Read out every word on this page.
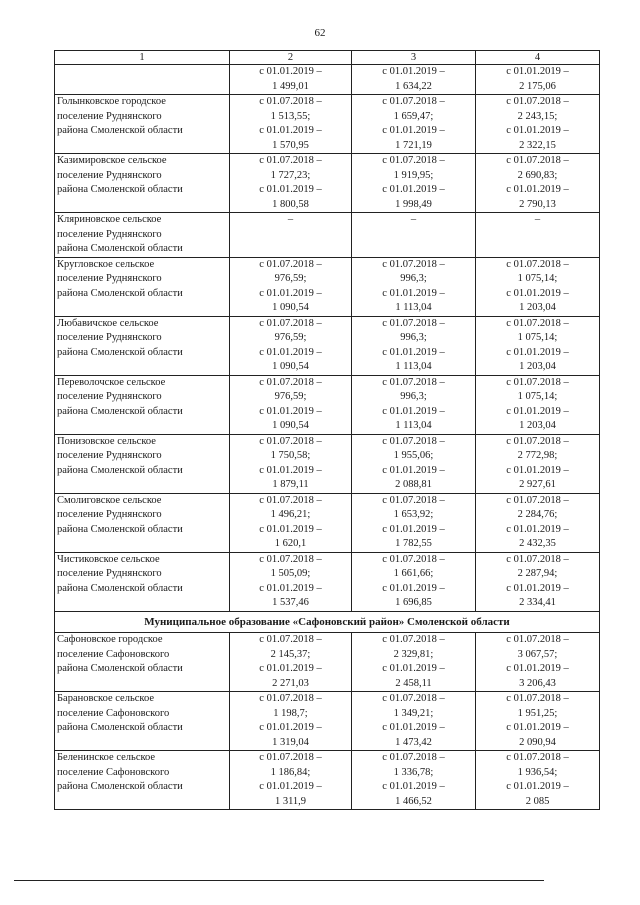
62
1	2	3	4

	с 01.01.2019 –
1 499,01	с 01.01.2019 –
1 634,22	с 01.01.2019 –
2 175,06

Голынковское городское
поселение Руднянского
района Смоленской области	с 01.07.2018 –
1 513,55;
с 01.01.2019 –
1 570,95	с 01.07.2018 –
1 659,47;
с 01.01.2019 –
1 721,19	с 01.07.2018 –
2 243,15;
с 01.01.2019 –
2 322,15

Казимировское сельское
поселение Руднянского
района Смоленской области	с 01.07.2018 –
1 727,23;
с 01.01.2019 –
1 800,58	с 01.07.2018 –
1 919,95;
с 01.01.2019 –
1 998,49	с 01.07.2018 –
2 690,83;
с 01.01.2019 –
2 790,13

Кляриновское сельское
поселение Руднянского
района Смоленской области	–	–	–

Кругловское сельское
поселение Руднянского
района Смоленской области	с 01.07.2018 –
976,59;
с 01.01.2019 –
1 090,54	с 01.07.2018 –
996,3;
с 01.01.2019 –
1 113,04	с 01.07.2018 –
1 075,14;
с 01.01.2019 –
1 203,04

Любавичское сельское
поселение Руднянского
района Смоленской области	с 01.07.2018 –
976,59;
с 01.01.2019 –
1 090,54	с 01.07.2018 –
996,3;
с 01.01.2019 –
1 113,04	с 01.07.2018 –
1 075,14;
с 01.01.2019 –
1 203,04

Переволочское сельское
поселение Руднянского
района Смоленской области	с 01.07.2018 –
976,59;
с 01.01.2019 –
1 090,54	с 01.07.2018 –
996,3;
с 01.01.2019 –
1 113,04	с 01.07.2018 –
1 075,14;
с 01.01.2019 –
1 203,04

Понизовское сельское
поселение Руднянского
района Смоленской области	с 01.07.2018 –
1 750,58;
с 01.01.2019 –
1 879,11	с 01.07.2018 –
1 955,06;
с 01.01.2019 –
2 088,81	с 01.07.2018 –
2 772,98;
с 01.01.2019 –
2 927,61

Смолиговское сельское
поселение Руднянского
района Смоленской области	с 01.07.2018 –
1 496,21;
с 01.01.2019 –
1 620,1	с 01.07.2018 –
1 653,92;
с 01.01.2019 –
1 782,55	с 01.07.2018 –
2 284,76;
с 01.01.2019 –
2 432,35

Чистиковское сельское
поселение Руднянского
района Смоленской области	с 01.07.2018 –
1 505,09;
с 01.01.2019 –
1 537,46	с 01.07.2018 –
1 661,66;
с 01.01.2019 –
1 696,85	с 01.07.2018 –
2 287,94;
с 01.01.2019 –
2 334,41

Муниципальное образование «Сафоновский район» Смоленской области			

Сафоновское городское
поселение Сафоновского
района Смоленской области	с 01.07.2018 –
2 145,37;
с 01.01.2019 –
2 271,03	с 01.07.2018 –
2 329,81;
с 01.01.2019 –
2 458,11	с 01.07.2018 –
3 067,57;
с 01.01.2019 –
3 206,43

Барановское сельское
поселение Сафоновского
района Смоленской области	с 01.07.2018 –
1 198,7;
с 01.01.2019 –
1 319,04	с 01.07.2018 –
1 349,21;
с 01.01.2019 –
1 473,42	с 01.07.2018 –
1 951,25;
с 01.01.2019 –
2 090,94

Беленинское сельское
поселение Сафоновского
района Смоленской области	с 01.07.2018 –
1 186,84;
с 01.01.2019 –
1 311,9	с 01.07.2018 –
1 336,78;
с 01.01.2019 –
1 466,52	с 01.07.2018 –
1 936,54;
с 01.01.2019 –
2 085
